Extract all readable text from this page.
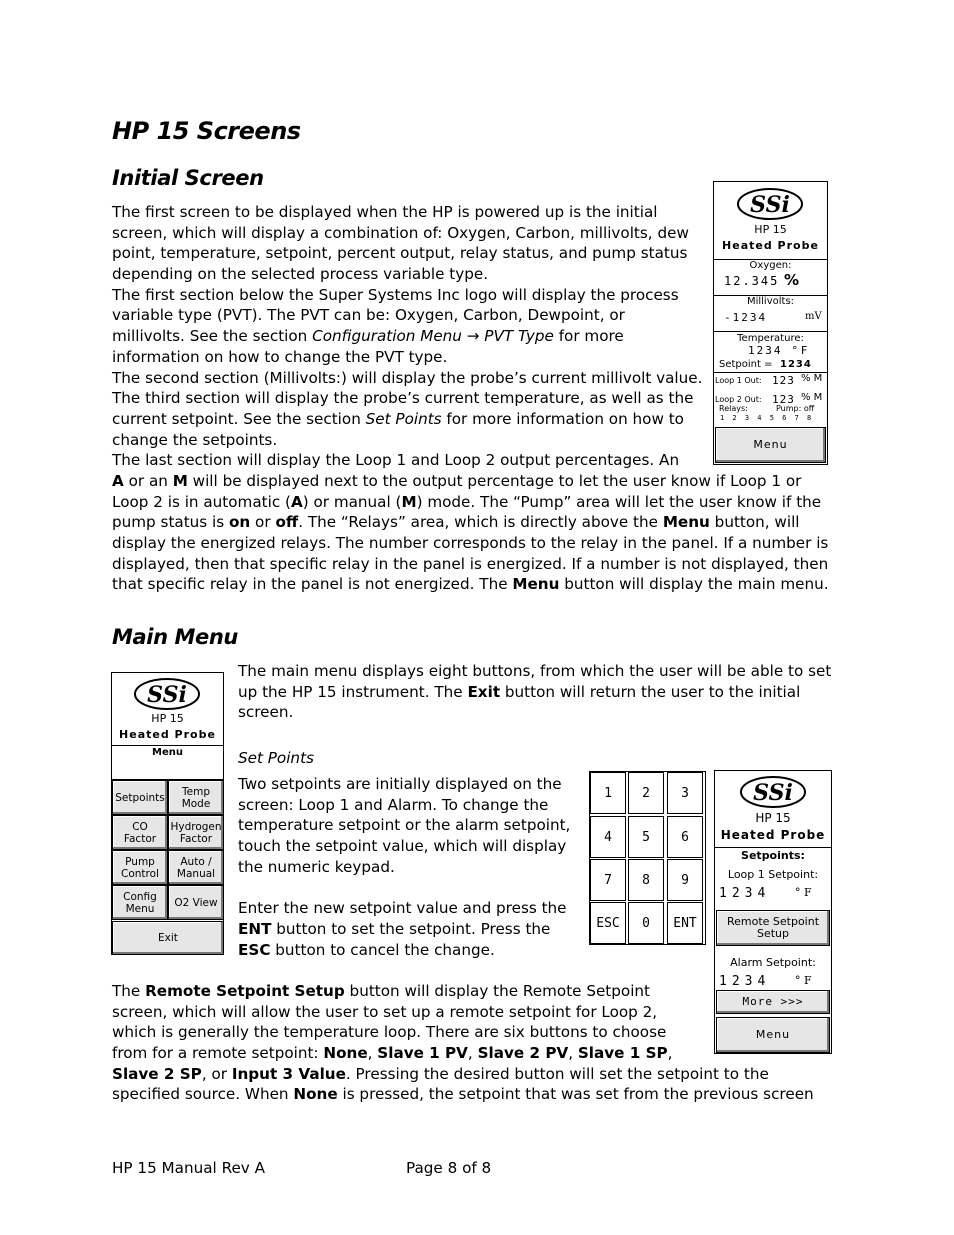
HP 15 Screens
Initial Screen
The first screen to be displayed when the HP is powered up is the initial
screen, which will display a combination of: Oxygen, Carbon, millivolts, dew
point, temperature, setpoint, percent output, relay status, and pump status
depending on the selected process variable type.
The first section below the Super Systems Inc logo will display the process
variable type (PVT). The PVT can be: Oxygen, Carbon, Dewpoint, or
millivolts. See the section Configuration Menu → PVT Type for more
information on how to change the PVT type.
The second section (Millivolts:) will display the probe’s current millivolt value.
The third section will display the probe’s current temperature, as well as the
current setpoint. See the section Set Points for more information on how to
change the setpoints.
The last section will display the Loop 1 and Loop 2 output percentages. An
A or an M will be displayed next to the output percentage to let the user know if Loop 1 or
Loop 2 is in automatic (A) or manual (M) mode. The “Pump” area will let the user know if the
pump status is on or off. The “Relays” area, which is directly above the Menu button, will
display the energized relays. The number corresponds to the relay in the panel. If a number is
displayed, then that specific relay in the panel is energized. If a number is not displayed, then
that specific relay in the panel is not energized. The Menu button will display the main menu.
SSi
HP 15
Heated Probe
Oxygen:
12.345 %
Millivolts:
-1234	mV
Temperature:
1234 ° F
Setpoint = 1234
Loop 1 Out: 123 % M
Loop 2 Out: 123 % M
Relays:	Pump: off
1 2 3 4 5 6 7 8
Menu
Main Menu
The main menu displays eight buttons, from which the user will be able to set
up the HP 15 instrument. The Exit button will return the user to the initial
screen.
Set Points
Two setpoints are initially displayed on the
screen: Loop 1 and Alarm. To change the
temperature setpoint or the alarm setpoint,
touch the setpoint value, which will display
the numeric keypad.
Enter the new setpoint value and press the
ENT button to set the setpoint. Press the
ESC button to cancel the change.
SSi
HP 15
Heated Probe
Menu
Setpoints	Temp
Mode
CO
Factor
Hydrogen
Factor
Pump
Control
Auto /
Manual
Config
Menu	O2 View
Exit
1	2	3
4	5	6
7	8	9
ESC	0	ENT
SSi
HP 15
Heated Probe
Setpoints:
Loop 1 Setpoint:
1234 ° F
Remote Setpoint
Setup
Alarm Setpoint:
1234 ° F
More >>>
Menu
The Remote Setpoint Setup button will display the Remote Setpoint
screen, which will allow the user to set up a remote setpoint for Loop 2,
which is generally the temperature loop. There are six buttons to choose
from for a remote setpoint: None, Slave 1 PV, Slave 2 PV, Slave 1 SP,
Slave 2 SP, or Input 3 Value. Pressing the desired button will set the setpoint to the
specified source. When None is pressed, the setpoint that was set from the previous screen
HP 15 Manual Rev A	Page 8 of 8
